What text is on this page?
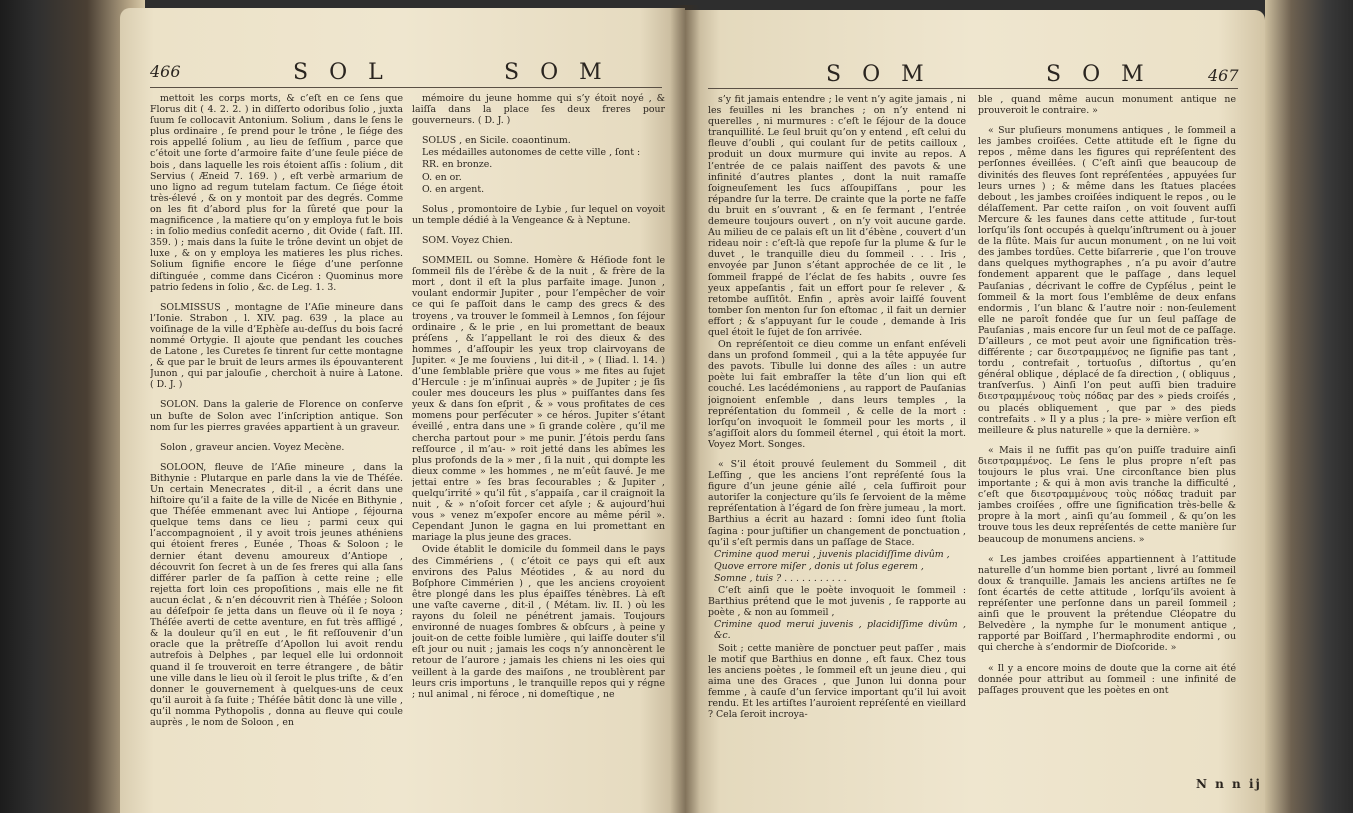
466	S O L	S O M

mettoit les corps morts, & c’eſt en ce ſens que Florus dit ( 4. 2. 2. ) in diſſerto odoribus ſolio , juxta ſuum ſe collocavit Antonium. Solium , dans le ſens le plus ordinaire , ſe prend pour le trône , le ſiége des rois appellé ſolium , au lieu de ſeſſium , parce que c’étoit une ſorte d’armoire faite d’une ſeule piéce de bois , dans laquelle les rois étoient aſſis : ſolium , dit Servius ( Æneid 7. 169. ) , eſt verbè armarium de uno ligno ad regum tutelam factum. Ce ſiége étoit très-élevé , & on y montoit par des degrés. Comme on les fit d’abord plus for la ſûreté que pour la magnificence , la matiere qu’on y employa fut le bois : in ſolio medius conſedit acerno , dit Ovide ( faſt. III. 359. ) ; mais dans la ſuite le trône devint un objet de luxe , & on y employa les matieres les plus riches. Solium ſignifie encore le ſiége d’une perſonne diſtinguée , comme dans Cicéron : Quominus more patrio ſedens in ſolio , &c. de Leg. 1. 3.

SOLMISSUS , montagne de l’Aſie mineure dans l’Ionie. Strabon , l. XIV. pag. 639 , la place au voiſinage de la ville d’Ephèſe au-deſſus du bois ſacré nommé Ortygie. Il ajoute que pendant les couches de Latone , les Curetes ſe tinrent ſur cette montagne , & que par le bruit de leurs armes ils épouvanterent Junon , qui par jalouſie , cherchoit à nuire à Latone. ( D. J. )

SOLON. Dans la galerie de Florence on conſerve un buſte de Solon avec l’inſcription antique. Son nom ſur les pierres gravées appartient à un graveur.

Solon , graveur ancien. Voyez Mecène.

SOLOON, fleuve de l’Aſie mineure , dans la Bithynie : Plutarque en parle dans la vie de Théſée. Un certain Menecrates , dit-il , a écrit dans une hiſtoire qu’il a faite de la ville de Nicée en Bithynie , que Théſée emmenant avec lui Antiope , ſéjourna quelque tems dans ce lieu ; parmi ceux qui l’accompagnoient , il y avoit trois jeunes athéniens qui étoient freres , Eunée , Thoas & Soloon ; le dernier étant devenu amoureux d’Antiope , découvrit ſon ſecret à un de ſes freres qui alla ſans différer parler de ſa paſſion à cette reine ; elle rejetta fort loin ces propoſitions , mais elle ne fit aucun éclat , & n’en découvrit rien à Théſée ; Soloon au déſeſpoir ſe jetta dans un fleuve où il ſe noya ; Théſée averti de cette aventure, en fut très affligé , & la douleur qu’il en eut , le fit reſſouvenir d’un oracle que la prêtreſſe d’Apollon lui avoit rendu autrefois à Delphes , par lequel elle lui ordonnoit quand il ſe trouveroit en terre étrangere , de bâtir une ville dans le lieu où il ſeroit le plus triſte , & d’en donner le gouvernement à quelques-uns de ceux qu’il auroit à ſa ſuite ; Théſée bâtit donc là une ville , qu’il nomma Pythopolis , donna au fleuve qui coule auprès , le nom de Soloon , en

mémoire du jeune homme qui s’y étoit noyé , & laiſſa dans la place ſes deux freres pour gouverneurs. ( D. J. )

SOLUS , en Sicile. coaontinum.

Les médailles autonomes de cette ville , ſont :

RR. en bronze.

O. en or.

O. en argent.

Solus , promontoire de Lybie , ſur lequel on voyoit un temple dédié à la Vengeance & à Neptune.

SOM. Voyez Chien.

SOMMEIL ou Somne. Homère & Héſiode font le ſommeil fils de l’érèbe & de la nuit , & frère de la mort , dont il eſt la plus parfaite image. Junon , voulant endormir Jupiter , pour l’empêcher de voir ce qui ſe paſſoit dans le camp des grecs & des troyens , va trouver le ſommeil à Lemnos , ſon ſéjour ordinaire , & le prie , en lui promettant de beaux préſens , & l’appellant le roi des dieux & des hommes , d’aſſoupir les yeux trop clairvoyans de Jupiter. « Je me ſouviens , lui dit-il , » ( Iliad. l. 14. ) d’une ſemblable prière que vous » me fites au ſujet d’Hercule : je m’inſinuai auprès » de Jupiter ; je ſis couler mes douceurs les plus » puiſſantes dans ſes yeux & dans ſon eſprit , & » vous profitates de ces momens pour perſécuter » ce héros. Jupiter s’étant éveillé , entra dans une » ſi grande colère , qu’il me chercha partout pour » me punir. J’étois perdu ſans reſſource , il m’au- » roit jetté dans les abîmes les plus profonds de la » mer , ſi la nuit , qui dompte les dieux comme » les hommes , ne m’eût ſauvé. Je me jettai entre » ſes bras ſecourables ; & Jupiter , quelqu’irrité » qu’il fût , s’appaiſa , car il craignoit la nuit , & » n’oſoit forcer cet aſyle ; & aujourd’hui vous » venez m’expoſer encore au même péril ». Cependant Junon le gagna en lui promettant en mariage la plus jeune des graces.

Ovide établit le domicile du ſommeil dans le pays des Cimmériens , ( c’étoit ce pays qui eſt aux environs des Palus Méotides , & au nord du Boſphore Cimmérien ) , que les anciens croyoient être plongé dans les plus épaiſſes ténèbres. Là eſt une vaſte caverne , dit-il , ( Métam. liv. II. ) où les rayons du ſoleil ne pénétrent jamais. Toujours environné de nuages ſombres & obſcurs , à peine y jouit-on de cette foible lumière , qui laiſſe douter s’il eſt jour ou nuit ; jamais les coqs n’y annoncèrent le retour de l’aurore ; jamais les chiens ni les oies qui veillent à la garde des maiſons , ne troublèrent par leurs cris importuns , le tranquille repos qui y régne ; nul animal , ni féroce , ni domeſtique , ne

S O M	S O M	467

s’y fit jamais entendre ; le vent n’y agite jamais , ni les feuilles ni les branches ; on n’y entend ni querelles , ni murmures : c’eſt le ſéjour de la douce tranquillité. Le ſeul bruit qu’on y entend , eſt celui du fleuve d’oubli , qui coulant ſur de petits cailloux , produit un doux murmure qui invite au repos. A l’entrée de ce palais naiſſent des pavots & une infinité d’autres plantes , dont la nuit ramaſſe ſoigneuſement les ſucs aſſoupiſſans , pour les répandre ſur la terre. De crainte que la porte ne faſſe du bruit en s’ouvrant , & en ſe fermant , l’entrée demeure toujours ouvert , on n’y voit aucune garde. Au milieu de ce palais eſt un lit d’ébène , couvert d’un rideau noir : c’eſt-là que repoſe ſur la plume & ſur le duvet , le tranquille dieu du ſommeil . . . Iris , envoyée par Junon s’étant approchée de ce lit , le ſommeil frappé de l’éclat de ſes habits , ouvre ſes yeux appeſantis , fait un effort pour ſe relever , & retombe auſſitôt. Enfin , après avoir laiſſé ſouvent tomber ſon menton ſur ſon eſtomac , il fait un dernier effort ; & s’appuyant ſur le coude , demande à Iris quel étoit le ſujet de ſon arrivée.

On repréſentoit ce dieu comme un enfant enſéveli dans un profond ſommeil , qui a la tête appuyée ſur des pavots. Tibulle lui donne des aîles : un autre poète lui fait embraſſer la tête d’un lion qui eſt couché. Les lacédémoniens , au rapport de Pauſanias joignoient enſemble , dans leurs temples , la repréſentation du ſommeil , & celle de la mort : lorſqu’on invoquoit le ſommeil pour les morts , il s’agiſſoit alors du ſommeil éternel , qui étoit la mort. Voyez Mort. Songes.

« S’il étoit prouvé ſeulement du Sommeil , dit Leſſing , que les anciens l’ont repréſenté ſous la figure d’un jeune génie aîlé , cela ſuffiroit pour autoriſer la conjecture qu’ils ſe ſervoient de la même repréſentation à l’égard de ſon frère jumeau , la mort. Barthius a écrit au hazard : ſomni ideo ſunt ſtolia ſagina : pour juſtifier un changement de ponctuation , qu’il s’eſt permis dans un paſſage de Stace.

Crimine quod merui , juvenis placidiſſime divûm ,

Quove errore miſer , donis ut ſolus egerem ,

Somne , tuis ? . . . . . . . . . . .

C’eſt ainſi que le poète invoquoit le ſommeil : Barthius prétend que le mot juvenis , ſe rapporte au poète , & non au ſommeil ,

Crimine quod merui juvenis , placidiſſime divûm , &c.

Soit ; cette manière de ponctuer peut paſſer , mais le motif que Barthius en donne , eſt faux. Chez tous les anciens poètes , le ſommeil eſt un jeune dieu , qui aima une des Graces , que Junon lui donna pour femme , à cauſe d’un ſervice important qu’il lui avoit rendu. Et les artiſtes l’auroient repréſenté en vieillard ? Cela ſeroit incroya-

ble , quand même aucun monument antique ne prouveroit le contraire. »

« Sur pluſieurs monumens antiques , le ſommeil a les jambes croiſées. Cette attitude eſt le ſigne du repos , même dans les figures qui repréſentent des perſonnes éveillées. ( C’eſt ainſi que beaucoup de divinités des fleuves ſont repréſentées , appuyées ſur leurs urnes ) ; & même dans les ſtatues placées debout , les jambes croiſées indiquent le repos , ou le délaſſement. Par cette raiſon , on voit ſouvent auſſi Mercure & les faunes dans cette attitude , ſur-tout lorſqu’ils ſont occupés à quelqu’inſtrument ou à jouer de la flûte. Mais ſur aucun monument , on ne lui voit des jambes tordûes. Cette biſarrerie , que l’on trouve dans quelques mythographes , n’a pu avoir d’autre fondement apparent que le paſſage , dans lequel Pauſanias , décrivant le coffre de Cypſélus , peint le ſommeil & la mort ſous l’emblême de deux enfans endormis , l’un blanc & l’autre noir : non-ſeulement elle ne paroît fondée que ſur un ſeul paſſage de Pauſanias , mais encore ſur un ſeul mot de ce paſſage. D’ailleurs , ce mot peut avoir une ſignification très-différente ; car διεστραμμένος ne ſignifie pas tant , tordu , contrefait , tortuoſus , diſtortus , qu’en général oblique , déplacé de ſa direction , ( obliquus , tranſverſus. ) Ainſi l’on peut auſſi bien traduire διεστραμμένους τοὺς πόδας par des » pieds croiſés , ou placés obliquement , que par » des pieds contrefaits . » Il y a plus ; la pre- » mière verſion eſt meilleure & plus naturelle » que la dernière. »

« Mais il ne ſuffit pas qu’on puiſſe traduire ainſi διεστραμμένος. Le ſens le plus propre n’eſt pas toujours le plus vrai. Une circonſtance bien plus importante ; & qui à mon avis tranche la difficulté , c’eſt que διεστραμμένους τοὺς πόδας traduit par jambes croiſées , offre une ſignification très-belle & propre à la mort , ainſi qu’au ſommeil , & qu’on les trouve tous les deux repréſentés de cette manière ſur beaucoup de monumens anciens. »

« Les jambes croiſées appartiennent à l’attitude naturelle d’un homme bien portant , livré au ſommeil doux & tranquille. Jamais les anciens artiſtes ne ſe ſont écartés de cette attitude , lorſqu’ils avoient à repréſenter une perſonne dans un pareil ſommeil ; ainſi que le prouvent la prétendue Cléopatre du Belvedère , la nymphe ſur le monument antique , rapporté par Boiſſard , l’hermaphrodite endormi , ou qui cherche à s’endormir de Dioſcoride. »

« Il y a encore moins de doute que la corne ait été donnée pour attribut au ſommeil : une infinité de paſſages prouvent que les poètes en ont

N n n ij
